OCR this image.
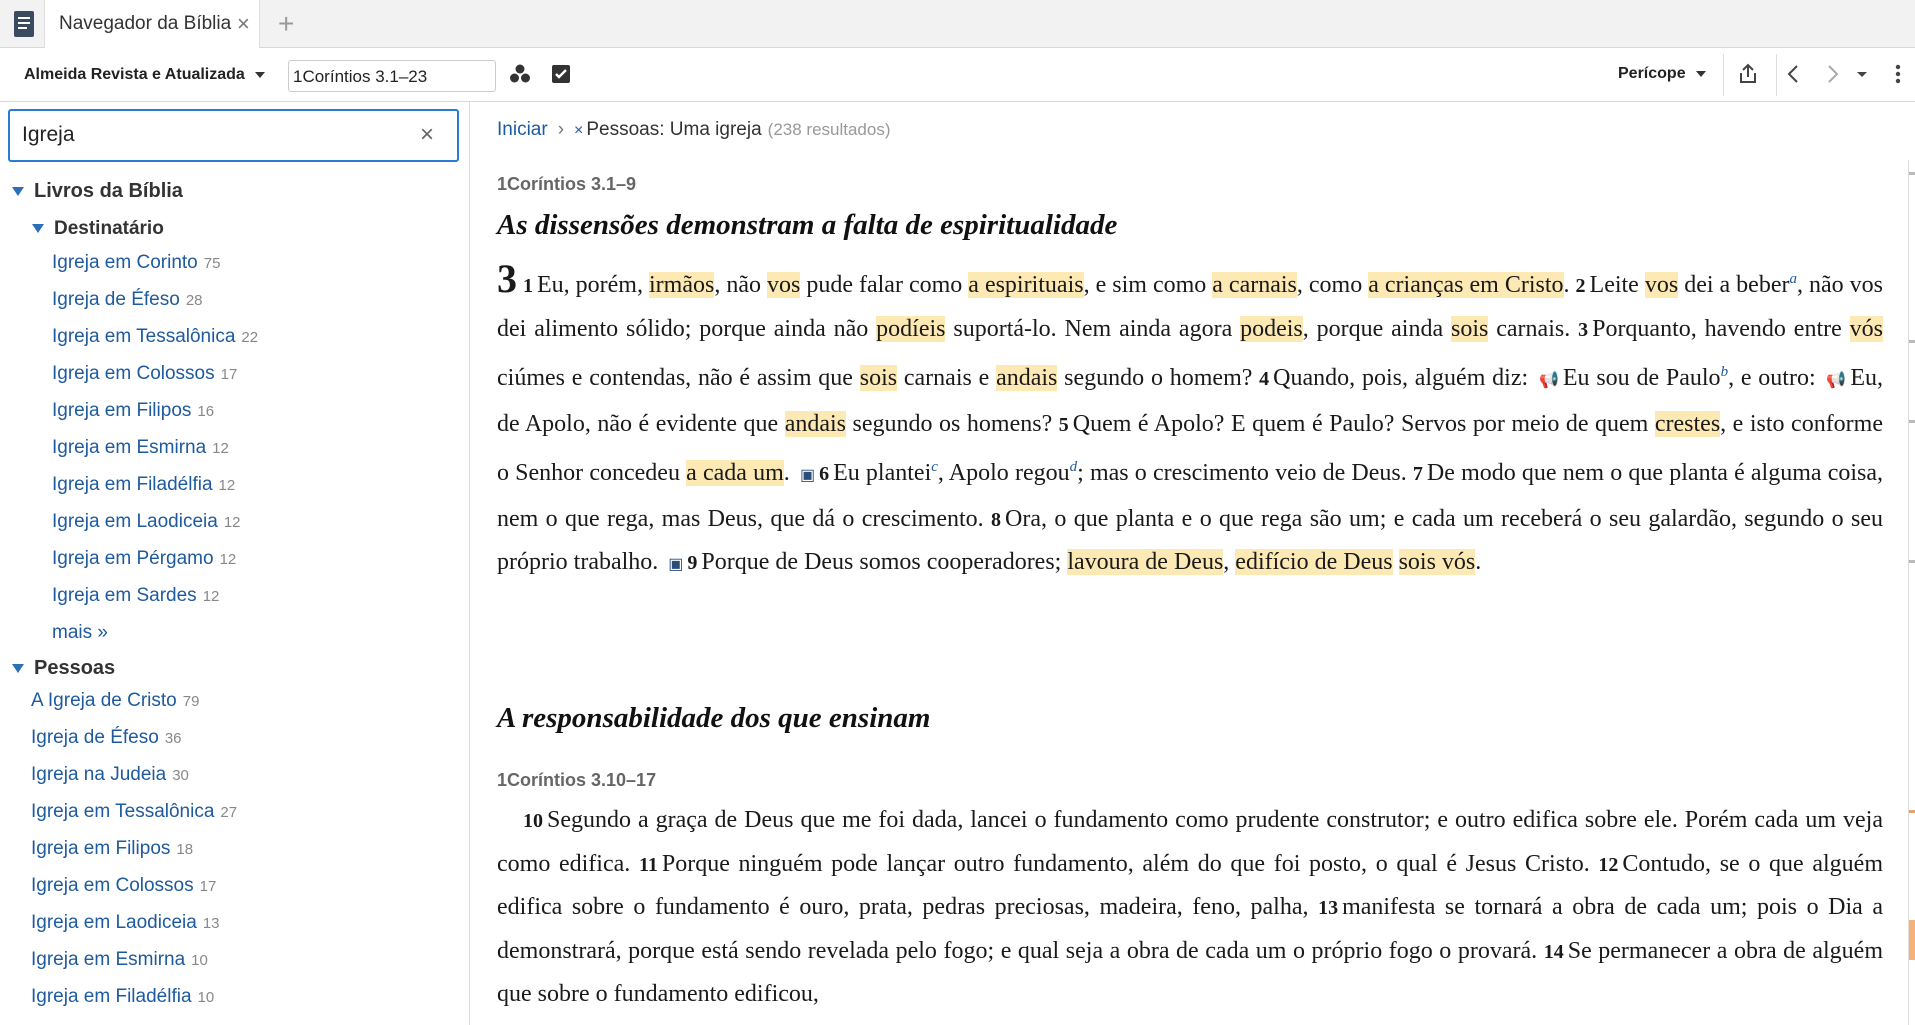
Navegador da Bíblia × +
Almeida Revista e Atualizada	1Coríntios 3.1–23	Perícope
Igreja
×
Livros da Bíblia
Destinatário
Igreja em Corinto 75
Igreja de Éfeso 28
Igreja em Tessalônica 22
Igreja em Colossos 17
Igreja em Filipos 16
Igreja em Esmirna 12
Igreja em Filadélfia 12
Igreja em Laodiceia 12
Igreja em Pérgamo 12
Igreja em Sardes 12
mais »
Pessoas
A Igreja de Cristo 79
Igreja de Éfeso 36
Igreja na Judeia 30
Igreja em Tessalônica 27
Igreja em Filipos 18
Igreja em Colossos 17
Igreja em Laodiceia 13
Igreja em Esmirna 10
Igreja em Filadélfia 10
Iniciar › × Pessoas: Uma igreja (238 resultados)
1Coríntios 3.1–9
As dissensões demonstram a falta de espiritualidade
3 1 Eu, porém, irmãos, não vos pude falar como a espirituais, e sim como a carnais, como a crianças em Cristo. 2 Leite vos dei a beber$^a$, não vos dei alimento sólido; porque ainda não podíeis suportá-lo. Nem ainda agora podeis, porque ainda sois carnais. 3 Porquanto, havendo entre vós ciúmes e contendas, não é assim que sois carnais e andais segundo o homem? 4 Quando, pois, alguém diz: 📢 Eu sou de Paulo$^b$, e outro: 📢 Eu, de Apolo, não é evidente que andais segundo os homens? 5 Quem é Apolo? E quem é Paulo? Servos por meio de quem crestes, e isto conforme o Senhor concedeu a cada um. ▣ 6 Eu plantei$^c$, Apolo regou$^d$; mas o crescimento veio de Deus. 7 De modo que nem o que planta é alguma coisa, nem o que rega, mas Deus, que dá o crescimento. 8 Ora, o que planta e o que rega são um; e cada um receberá o seu galardão, segundo o seu próprio trabalho. ▣ 9 Porque de Deus somos cooperadores; lavoura de Deus, edifício de Deus sois vós.
A responsabilidade dos que ensinam
1Coríntios 3.10–17
10 Segundo a graça de Deus que me foi dada, lancei o fundamento como prudente construtor; e outro edifica sobre ele. Porém cada um veja como edifica. 11 Porque ninguém pode lançar outro fundamento, além do que foi posto, o qual é Jesus Cristo. 12 Contudo, se o que alguém edifica sobre o fundamento é ouro, prata, pedras preciosas, madeira, feno, palha, 13 manifesta se tornará a obra de cada um; pois o Dia a demonstrará, porque está sendo revelada pelo fogo; e qual seja a obra de cada um o próprio fogo o provará. 14 Se permanecer a obra de alguém que sobre o fundamento edificou,
